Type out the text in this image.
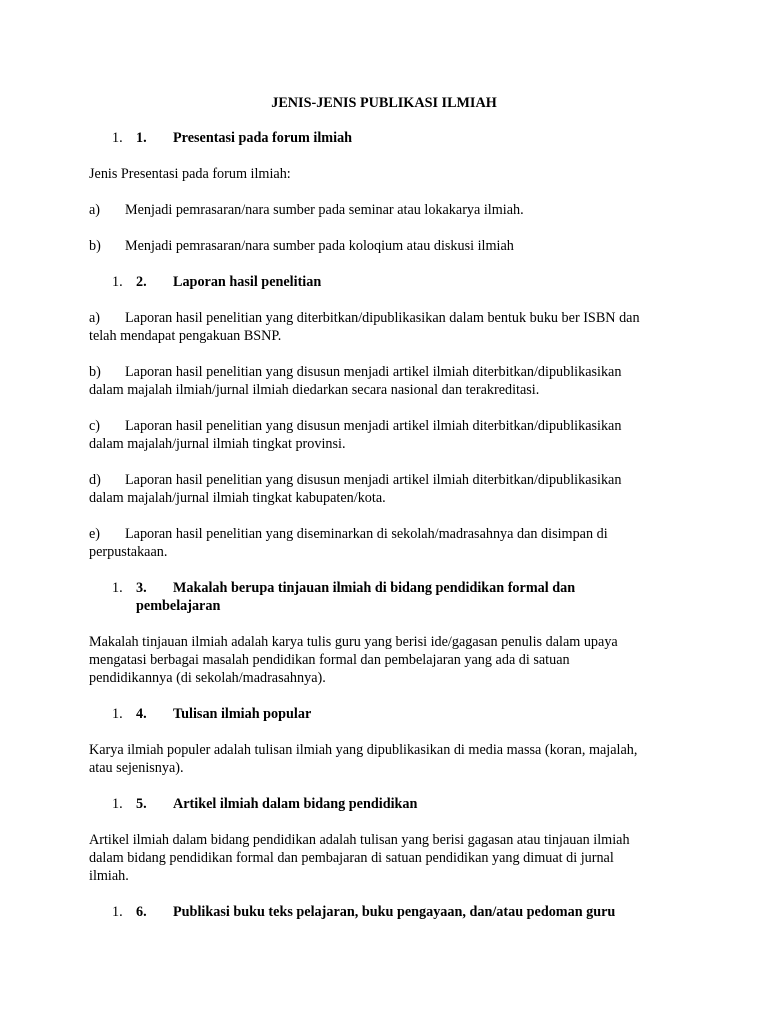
JENIS-JENIS PUBLIKASI ILMIAH
1. 1.	Presentasi pada forum ilmiah
Jenis Presentasi pada forum ilmiah:
a) Menjadi pemrasaran/nara sumber pada seminar atau lokakarya ilmiah.
b) Menjadi pemrasaran/nara sumber pada koloqium atau diskusi ilmiah
1. 2.	Laporan hasil penelitian
a) Laporan hasil penelitian yang diterbitkan/dipublikasikan dalam bentuk buku ber ISBN dan
telah mendapat pengakuan BSNP.
b) Laporan hasil penelitian yang disusun menjadi artikel ilmiah diterbitkan/dipublikasikan
dalam majalah ilmiah/jurnal ilmiah diedarkan secara nasional dan terakreditasi.
c) Laporan hasil penelitian yang disusun menjadi artikel ilmiah diterbitkan/dipublikasikan
dalam majalah/jurnal ilmiah tingkat provinsi.
d) Laporan hasil penelitian yang disusun menjadi artikel ilmiah diterbitkan/dipublikasikan
dalam majalah/jurnal ilmiah tingkat kabupaten/kota.
e) Laporan hasil penelitian yang diseminarkan di sekolah/madrasahnya dan disimpan di
perpustakaan.
1. 3.	Makalah berupa tinjauan ilmiah di bidang pendidikan formal dan
pembelajaran
Makalah tinjauan ilmiah adalah karya tulis guru yang berisi ide/gagasan penulis dalam upaya
mengatasi berbagai masalah pendidikan formal dan pembelajaran yang ada di satuan
pendidikannya (di sekolah/madrasahnya).
1. 4.	Tulisan ilmiah popular
Karya ilmiah populer adalah tulisan ilmiah yang dipublikasikan di media massa (koran, majalah,
atau sejenisnya).
1. 5.	Artikel ilmiah dalam bidang pendidikan
Artikel ilmiah dalam bidang pendidikan adalah tulisan yang berisi gagasan atau tinjauan ilmiah
dalam bidang pendidikan formal dan pembajaran di satuan pendidikan yang dimuat di jurnal
ilmiah.
1. 6.	Publikasi buku teks pelajaran, buku pengayaan, dan/atau pedoman guru
